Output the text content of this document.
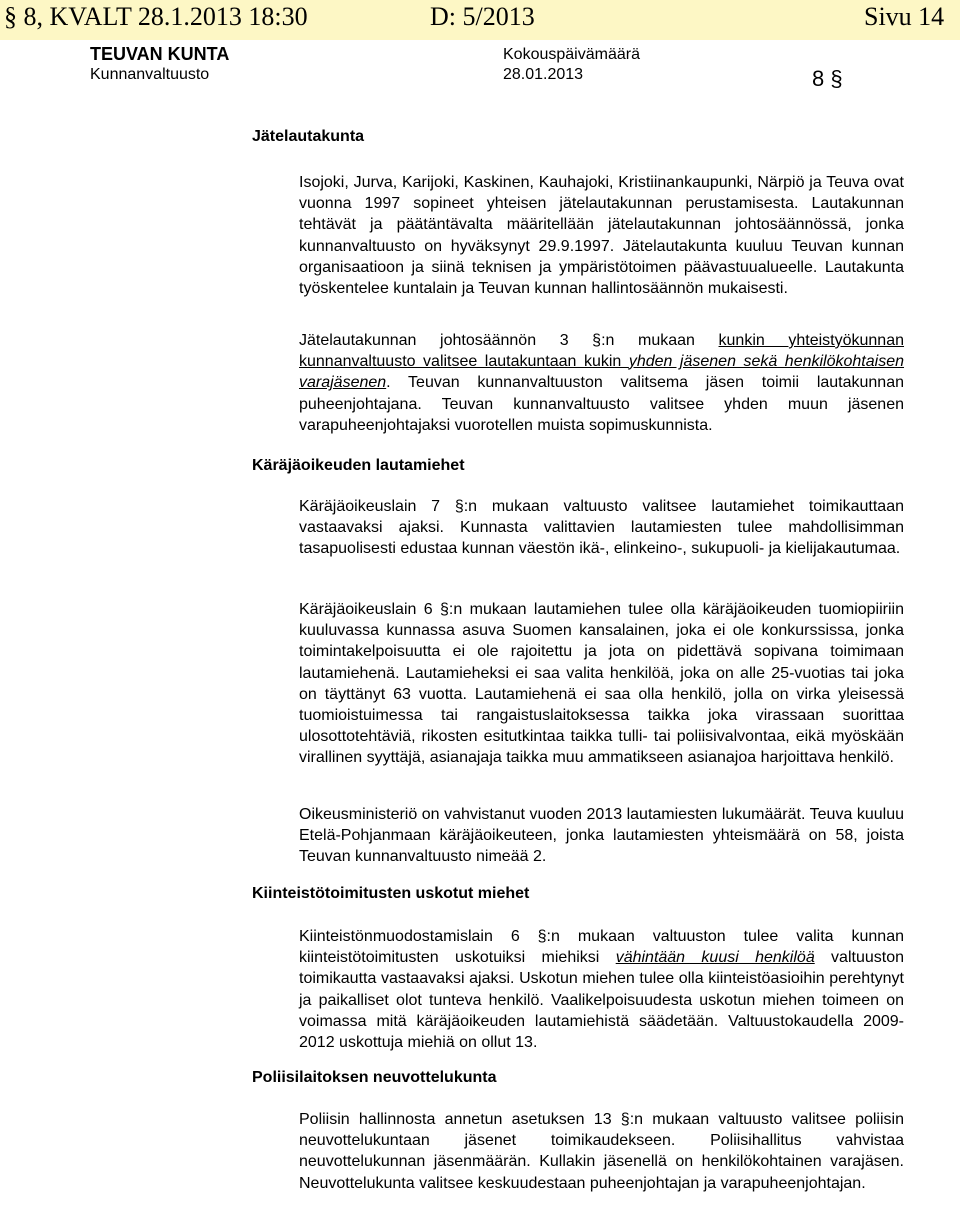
§ 8, KVALT 28.1.2013 18:30	D: 5/2013	Sivu 14
TEUVAN KUNTA
Kunnanvaltuusto
Kokouspäivämäärä
28.01.2013	8 §
Jätelautakunta
Isojoki, Jurva, Karijoki, Kaskinen, Kauhajoki, Kristiinankaupunki, Närpiö ja Teuva ovat vuonna 1997 sopineet yhteisen jätelautakunnan perustamisesta. Lautakunnan tehtävät ja päätäntävalta määritellään jätelautakunnan johtosäännössä, jonka kunnanvaltuusto on hyväksynyt 29.9.1997. Jätelautakunta kuuluu Teuvan kunnan organisaatioon ja siinä teknisen ja ympäristötoimen päävastuualueelle. Lautakunta työskentelee kuntalain ja Teuvan kunnan hallintosäännön mukaisesti.
Jätelautakunnan johtosäännön 3 §:n mukaan kunkin yhteistyökunnan kunnanvaltuusto valitsee lautakuntaan kukin yhden jäsenen sekä henkilökohtaisen varajäsenen. Teuvan kunnanvaltuuston valitsema jäsen toimii lautakunnan puheenjohtajana. Teuvan kunnanvaltuusto valitsee yhden muun jäsenen varapuheenjohtajaksi vuorotellen muista sopimuskunnista.
Käräjäoikeuden lautamiehet
Käräjäoikeuslain 7 §:n mukaan valtuusto valitsee lautamiehet toimikauttaan vastaavaksi ajaksi. Kunnasta valittavien lautamiesten tulee mahdollisimman tasapuolisesti edustaa kunnan väestön ikä-, elinkeino-, sukupuoli- ja kielijakautumaa.
Käräjäoikeuslain 6 §:n mukaan lautamiehen tulee olla käräjäoikeuden tuomiopiiriin kuuluvassa kunnassa asuva Suomen kansalainen, joka ei ole konkurssissa, jonka toimintakelpoisuutta ei ole rajoitettu ja jota on pidettävä sopivana toimimaan lautamiehenä. Lautamieheksi ei saa valita henkilöä, joka on alle 25-vuotias tai joka on täyttänyt 63 vuotta. Lautamiehenä ei saa olla henkilö, jolla on virka yleisessä tuomioistuimessa tai rangaistuslaitoksessa taikka joka virassaan suorittaa ulosottotehtäviä, rikosten esitutkintaa taikka tulli- tai poliisivalvontaa, eikä myöskään virallinen syyttäjä, asianajaja taikka muu ammatikseen asianajoa harjoittava henkilö.
Oikeusministeriö on vahvistanut vuoden 2013 lautamiesten lukumäärät. Teuva kuuluu Etelä-Pohjanmaan käräjäoikeuteen, jonka lautamiesten yhteismäärä on 58, joista Teuvan kunnanvaltuusto nimeää 2.
Kiinteistötoimitusten uskotut miehet
Kiinteistönmuodostamislain 6 §:n mukaan valtuuston tulee valita kunnan kiinteistötoimitusten uskotuiksi miehiksi vähintään kuusi henkilöä valtuuston toimikautta vastaavaksi ajaksi. Uskotun miehen tulee olla kiinteistöasioihin perehtynyt ja paikalliset olot tunteva henkilö. Vaalikelpoisuudesta uskotun miehen toimeen on voimassa mitä käräjäoikeuden lautamiehistä säädetään. Valtuustokaudella 2009-2012 uskottuja miehiä on ollut 13.
Poliisilaitoksen neuvottelukunta
Poliisin hallinnosta annetun asetuksen 13 §:n mukaan valtuusto valitsee poliisin neuvottelukuntaan jäsenet toimikaudekseen. Poliisihallitus vahvistaa neuvottelukunnan jäsenmäärän. Kullakin jäsenellä on henkilökohtainen varajäsen. Neuvottelukunta valitsee keskuudestaan puheenjohtajan ja varapuheenjohtajan.
